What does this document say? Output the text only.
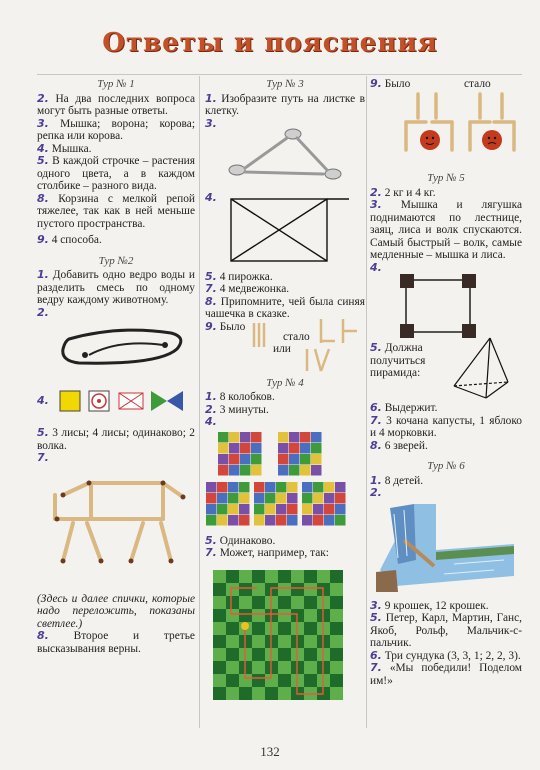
Ответы и пояснения
Тур № 1

2. На два последних вопроса могут быть разные ответы.

3. Мышка; ворона; корова; репка или корова.

4. Мышка.

5. В каждой строчке – растения одного цвета, а в каждом столбике – разного вида.

8. Корзина с мелкой репой тяжелее, так как в ней меньше пустого пространства.

9. 4 способа.

Тур №2

1. Добавить одно ведро воды и разделить смесь по одному ведру каждому животному.

2.

4.

5. 3 лисы; 4 лисы; одинаково; 2 волка.

7.

(Здесь и далее спички, которые надо переложить, показаны светлее.)

8. Второе и третье высказывания верны.

Тур № 3

1. Изобразите путь на листке в клетку.

3.

4.

5. 4 пирожка.

7. 4 медвежонка.

8. Припомните, чей была синяя чашечка в сказке.

9. Было

стало
или
Тур № 4

1. 8 колобков.

2. 3 минуты.

4.

5. Одинаково.

7. Может, например, так:

9. Было	стало
Тур № 5

2. 2 кг и 4 кг.

3. Мышка и лягушка поднимаются по лестнице, заяц, лиса и волк спускаются. Самый быстрый – волк, самые медленные – мышка и лиса.

4.

5. Должна получиться пирамида:

6. Выдержит.

7. 3 кочана капусты, 1 яблоко и 4 морковки.

8. 6 зверей.

Тур № 6

1. 8 детей.

2.

3. 9 крошек, 12 крошек.

5. Петер, Карл, Мартин, Ганс, Якоб, Рольф, Мальчик-с-пальчик.

6. Три сундука (3, 3, 1; 2, 2, 3).

7. «Мы победили! Поделом им!»

132
